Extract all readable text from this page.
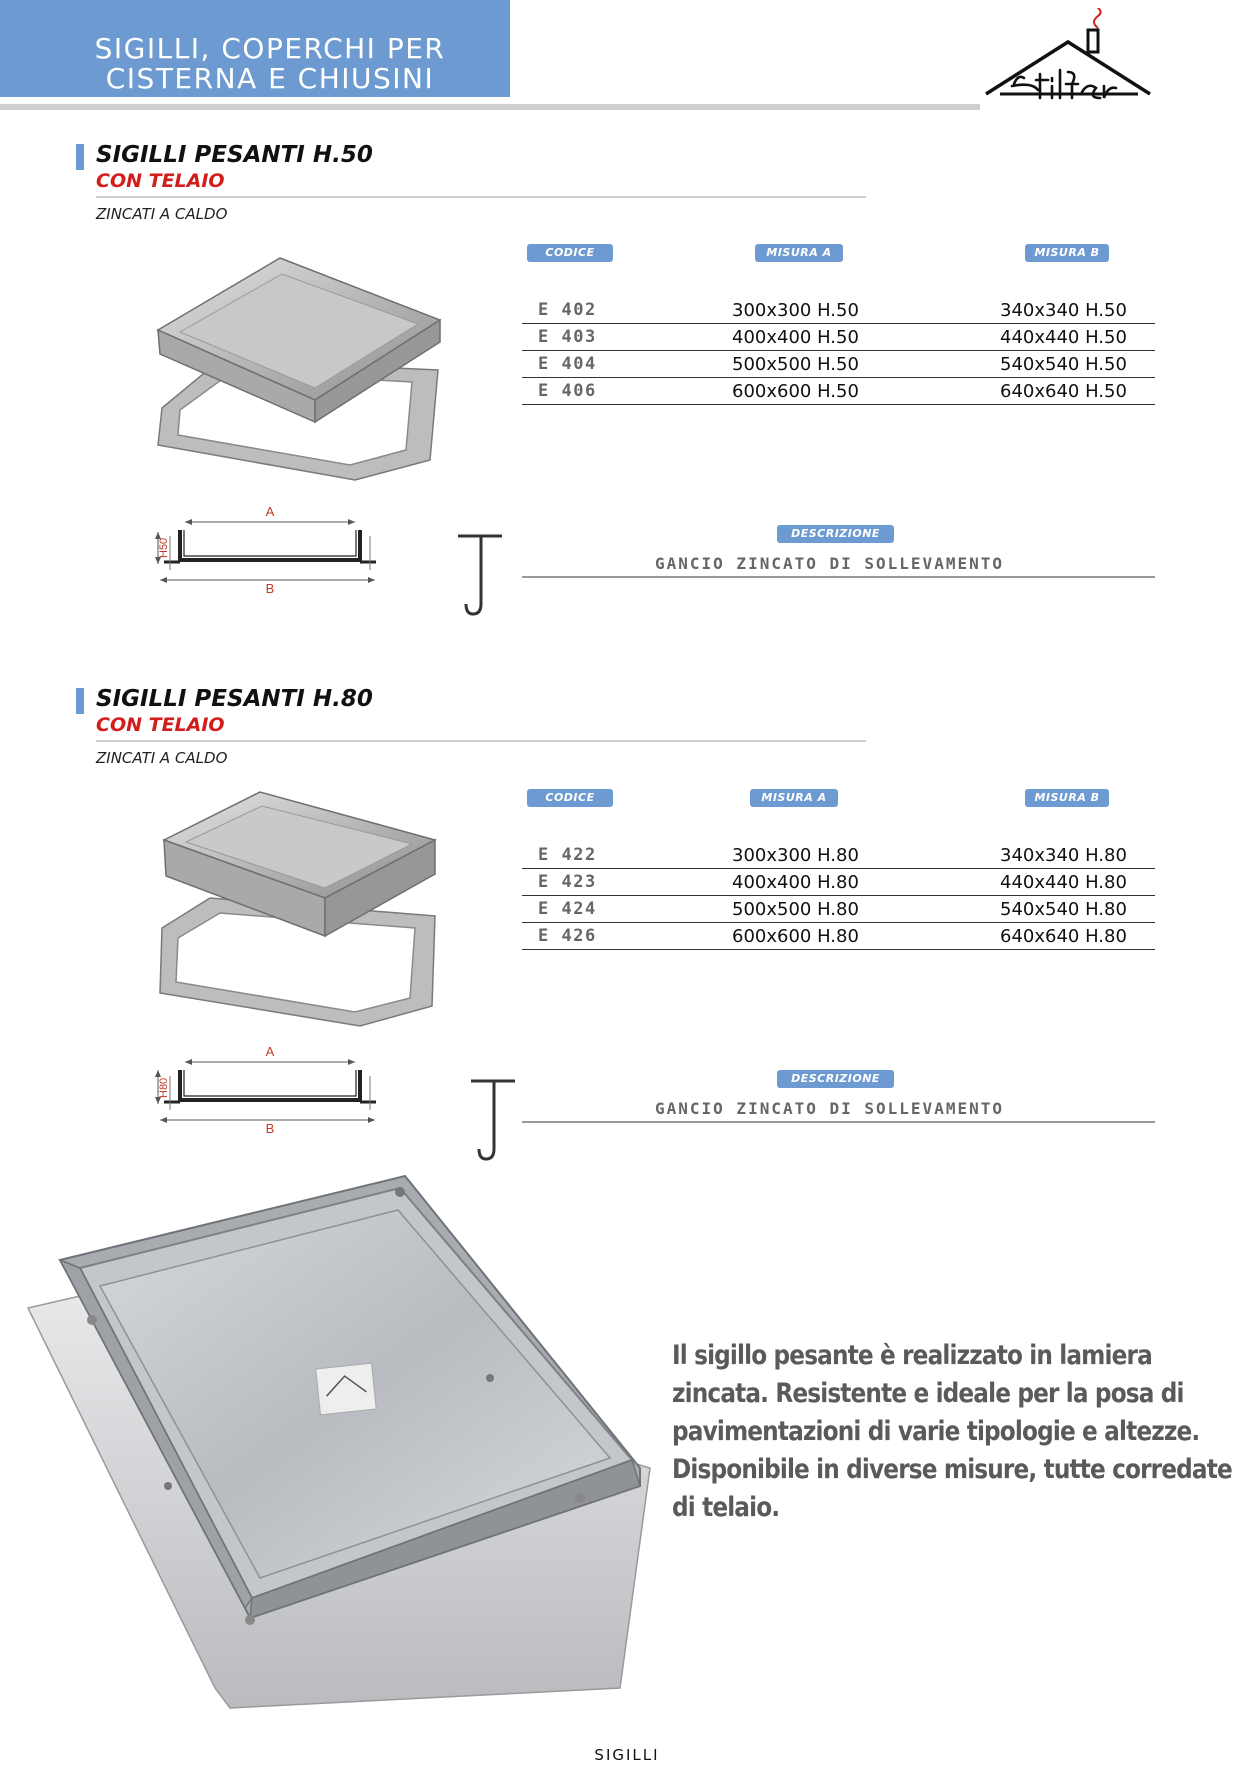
SIGILLI, COPERCHI PER
CISTERNA E CHIUSINI
SIGILLI PESANTI H.50
CON TELAIO
ZINCATI A CALDO
A
B
H50
CODICE	MISURA A	MISURA B
E 402	300x300 H.50	340x340 H.50
E 403	400x400 H.50	440x440 H.50
E 404	500x500 H.50	540x540 H.50
E 406	600x600 H.50	640x640 H.50
DESCRIZIONE
GANCIO ZINCATO DI SOLLEVAMENTO
SIGILLI PESANTI H.80
CON TELAIO
ZINCATI A CALDO
A
B
H80
CODICE	MISURA A	MISURA B
E 422	300x300 H.80	340x340 H.80
E 423	400x400 H.80	440x440 H.80
E 424	500x500 H.80	540x540 H.80
E 426	600x600 H.80	640x640 H.80
DESCRIZIONE
GANCIO ZINCATO DI SOLLEVAMENTO

Il sigillo pesante è realizzato in lamiera zincata. Resistente e ideale per la posa di pavimentazioni di varie tipologie e altezze. Disponibile in diverse misure, tutte corredate di telaio.

SIGILLI
